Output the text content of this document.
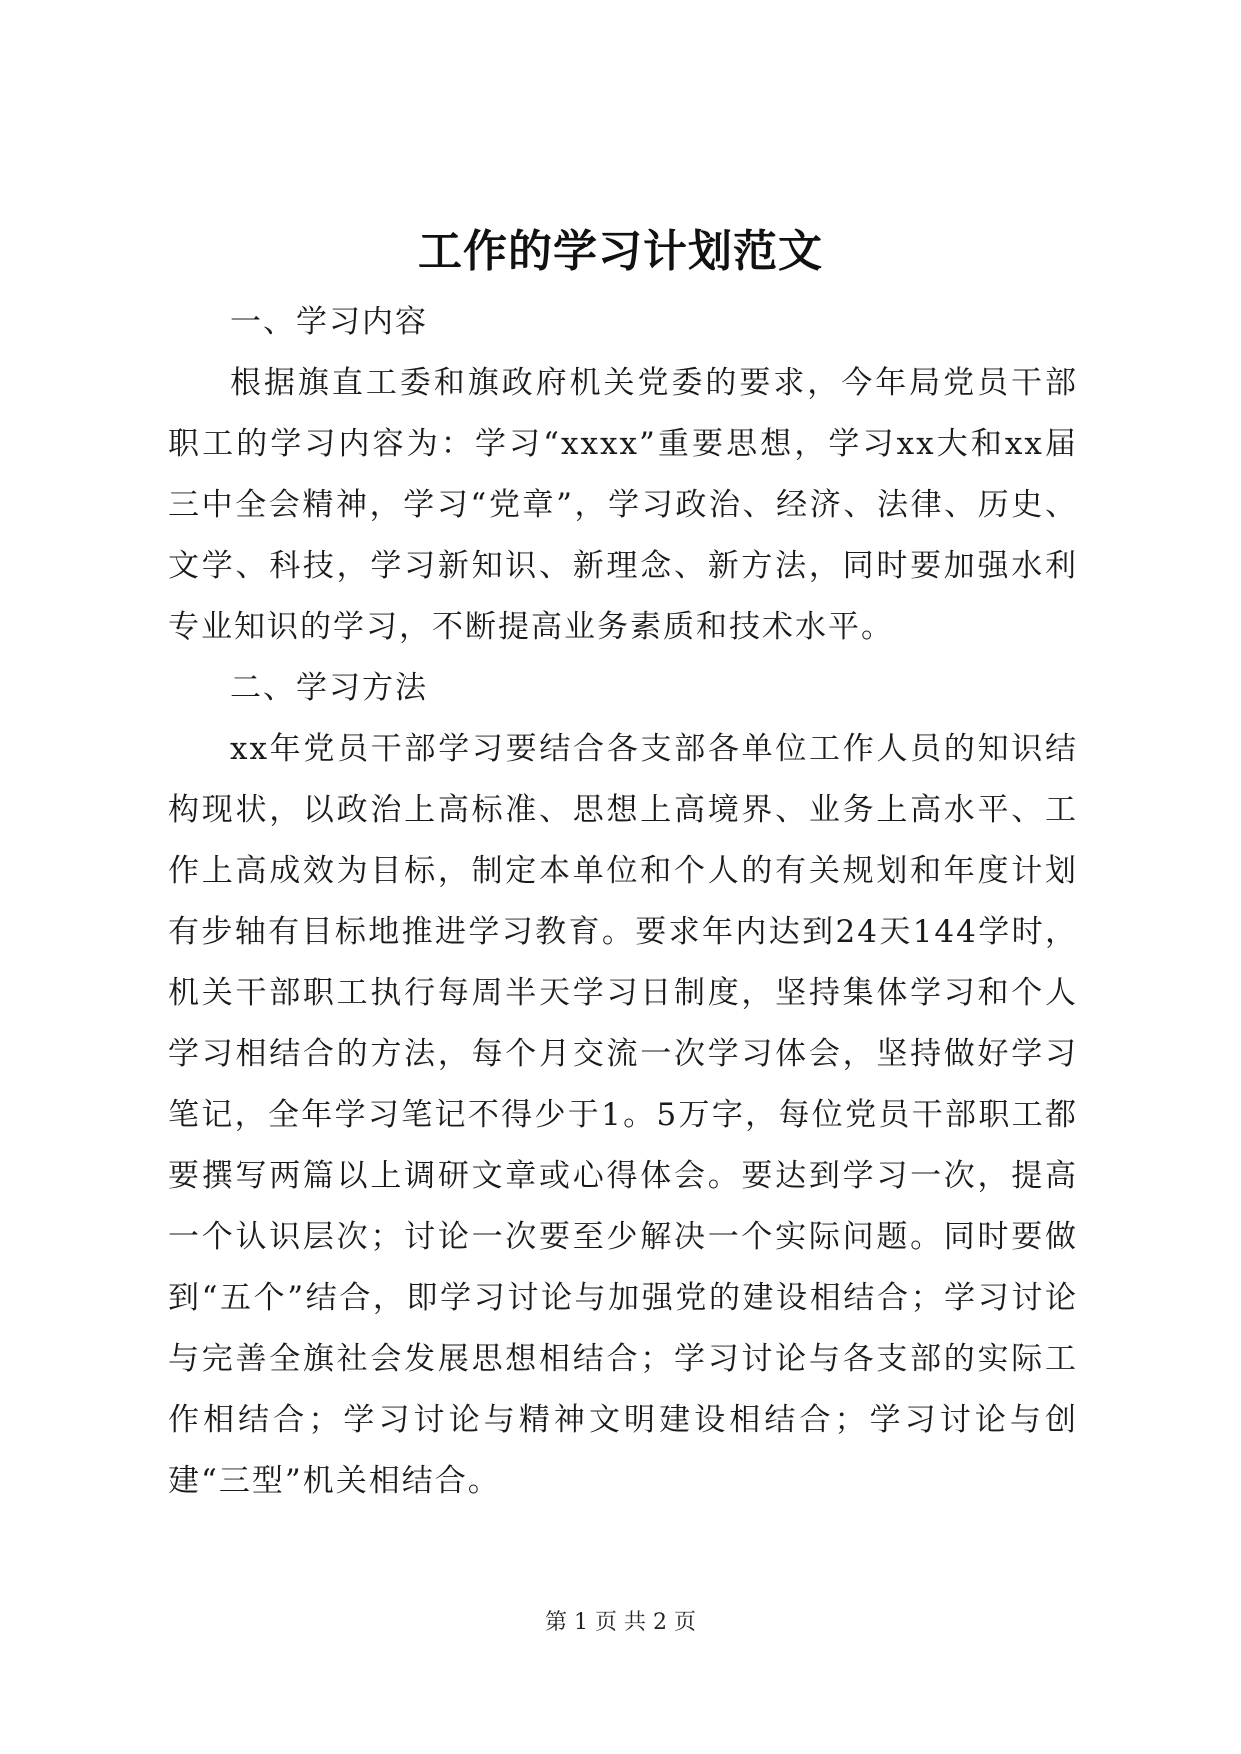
工作的学习计划范文

一、学习内容

根据旗直工委和旗政府机关党委的要求，今年局党员干部职工的学习内容为：学习“xxxx”重要思想，学习xx大和xx届三中全会精神，学习“党章”，学习政治、经济、法律、历史、文学、科技，学习新知识、新理念、新方法，同时要加强水利专业知识的学习，不断提高业务素质和技术水平。

二、学习方法

xx年党员干部学习要结合各支部各单位工作人员的知识结构现状，以政治上高标准、思想上高境界、业务上高水平、工作上高成效为目标，制定本单位和个人的有关规划和年度计划有步轴有目标地推进学习教育。要求年内达到24天144学时，机关干部职工执行每周半天学习日制度，坚持集体学习和个人学习相结合的方法，每个月交流一次学习体会，坚持做好学习笔记，全年学习笔记不得少于1。5万字，每位党员干部职工都要撰写两篇以上调研文章或心得体会。要达到学习一次，提高一个认识层次；讨论一次要至少解决一个实际问题。同时要做到“五个”结合，即学习讨论与加强党的建设相结合；学习讨论与完善全旗社会发展思想相结合；学习讨论与各支部的实际工作相结合；学习讨论与精神文明建设相结合；学习讨论与创建“三型”机关相结合。

第 1 页 共 2 页
